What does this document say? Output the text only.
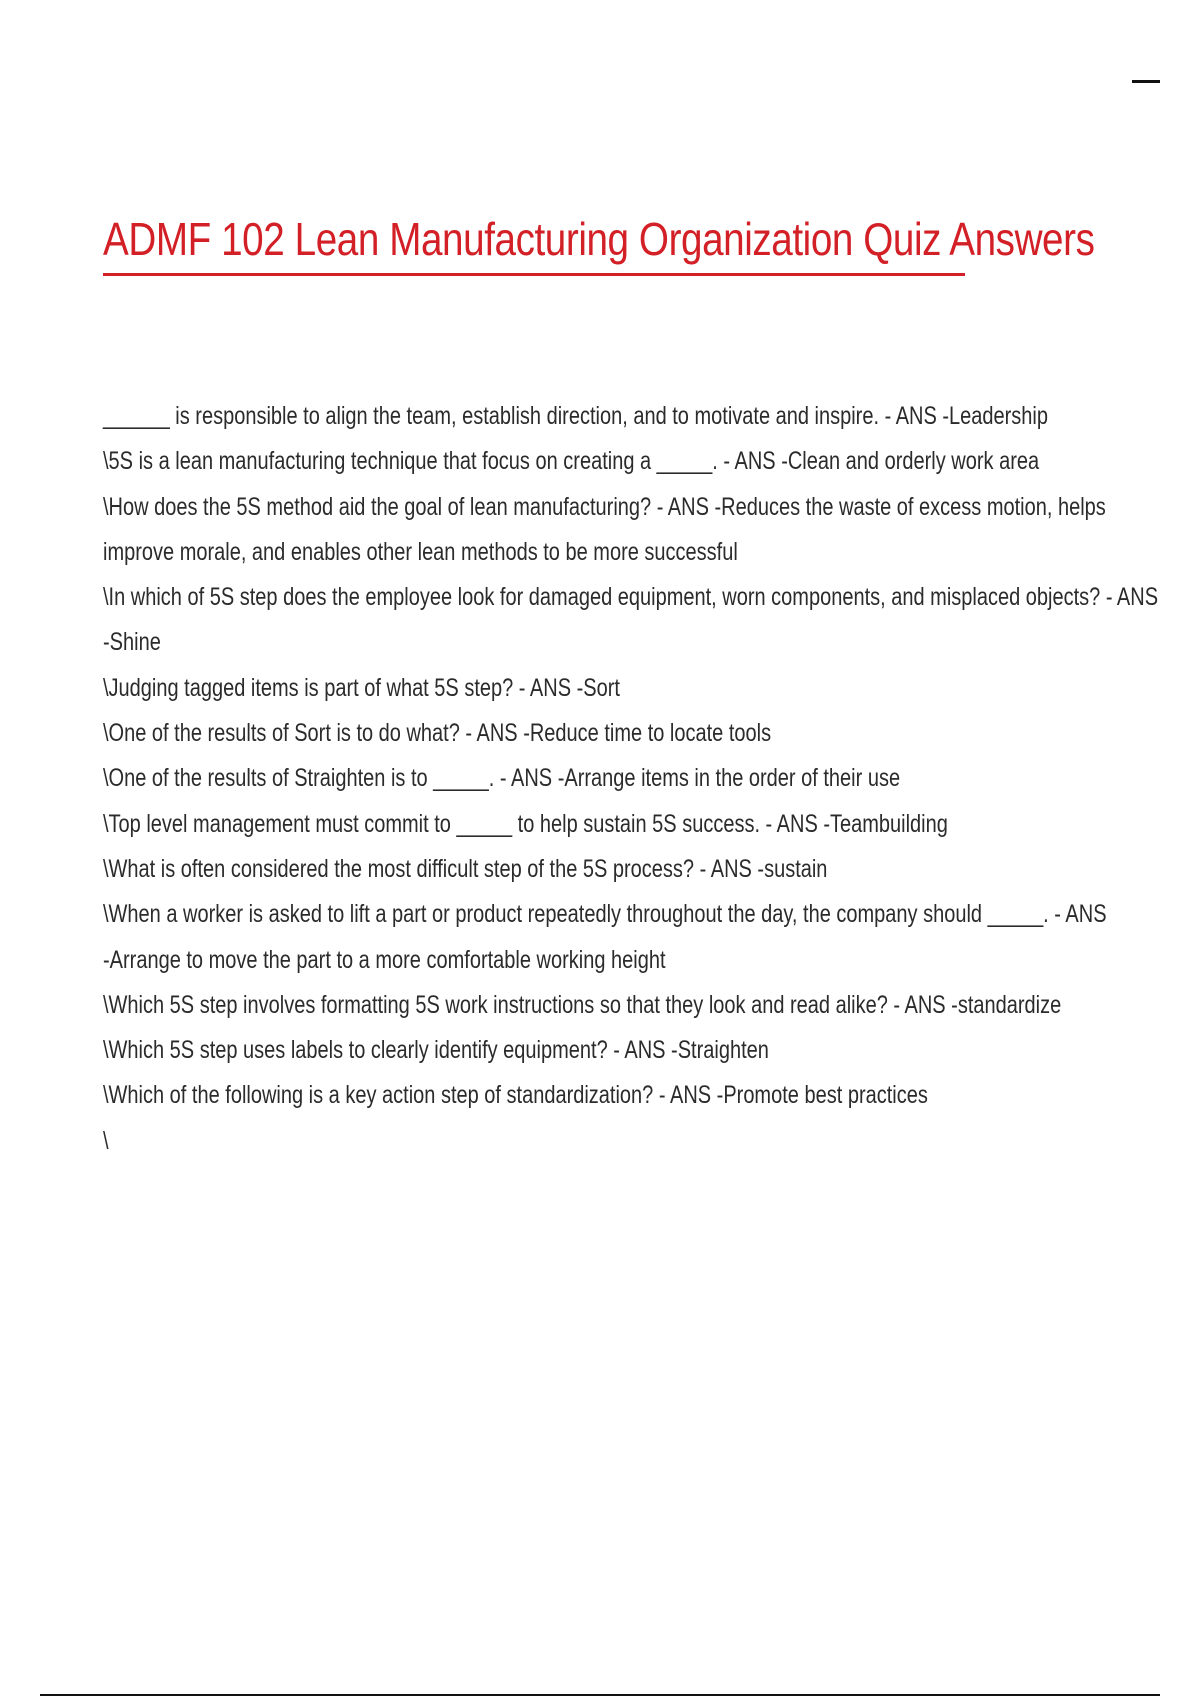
ADMF 102 Lean Manufacturing Organization Quiz Answers

______ is responsible to align the team, establish direction, and to motivate and inspire. - ANS -Leadership

\5S is a lean manufacturing technique that focus on creating a _____. - ANS -Clean and orderly work area

\How does the 5S method aid the goal of lean manufacturing? - ANS -Reduces the waste of excess motion, helps

improve morale, and enables other lean methods to be more successful

\In which of 5S step does the employee look for damaged equipment, worn components, and misplaced objects? - ANS

-Shine

\Judging tagged items is part of what 5S step? - ANS -Sort

\One of the results of Sort is to do what? - ANS -Reduce time to locate tools

\One of the results of Straighten is to _____. - ANS -Arrange items in the order of their use

\Top level management must commit to _____ to help sustain 5S success. - ANS -Teambuilding

\What is often considered the most difficult step of the 5S process? - ANS -sustain

\When a worker is asked to lift a part or product repeatedly throughout the day, the company should _____. - ANS

-Arrange to move the part to a more comfortable working height

\Which 5S step involves formatting 5S work instructions so that they look and read alike? - ANS -standardize

\Which 5S step uses labels to clearly identify equipment? - ANS -Straighten

\Which of the following is a key action step of standardization? - ANS -Promote best practices

\
